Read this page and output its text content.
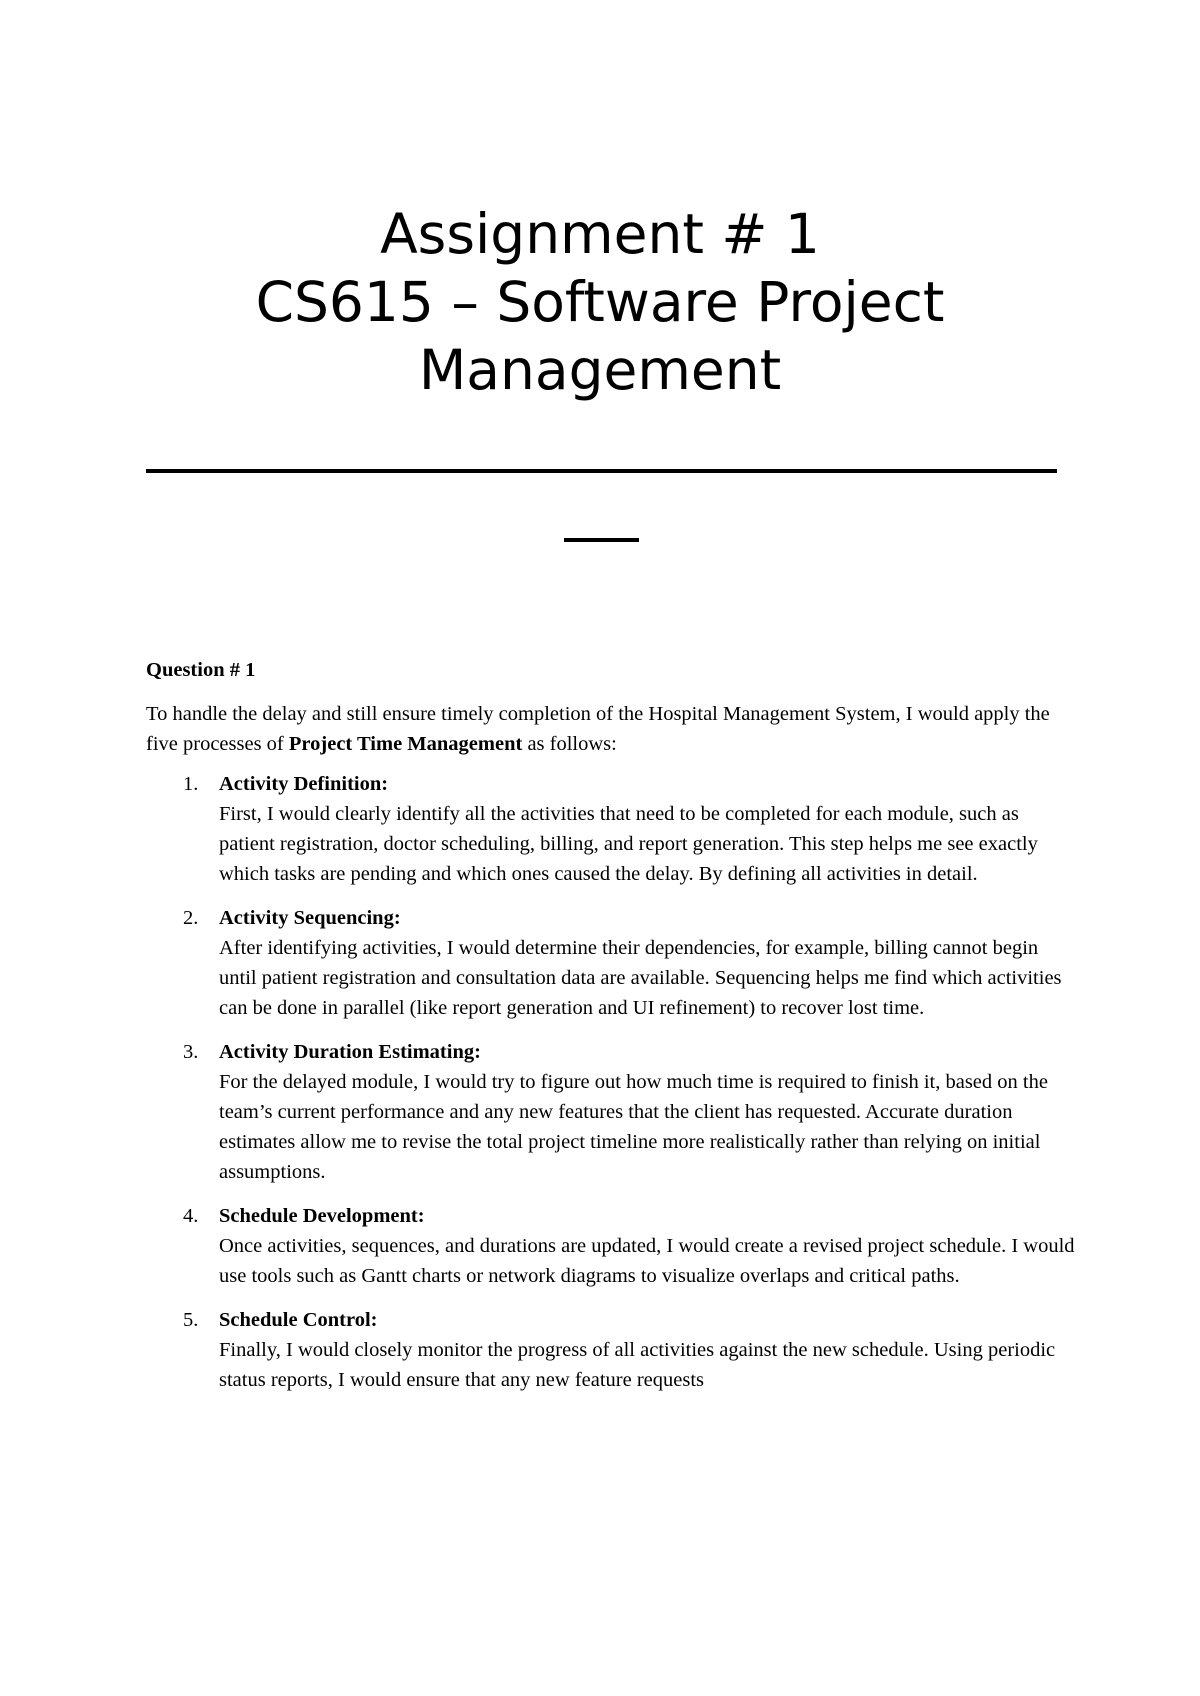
Assignment # 1
CS615 – Software Project
Management
Question # 1

To handle the delay and still ensure timely completion of the Hospital Management System, I would apply the five processes of Project Time Management as follows:

1. Activity Definition:
First, I would clearly identify all the activities that need to be completed for each module, such as patient registration, doctor scheduling, billing, and report generation. This step helps me see exactly which tasks are pending and which ones caused the delay. By defining all activities in detail.
2. Activity Sequencing:
After identifying activities, I would determine their dependencies, for example, billing cannot begin until patient registration and consultation data are available. Sequencing helps me find which activities can be done in parallel (like report generation and UI refinement) to recover lost time.
3. Activity Duration Estimating:
For the delayed module, I would try to figure out how much time is required to finish it, based on the team’s current performance and any new features that the client has requested. Accurate duration estimates allow me to revise the total project timeline more realistically rather than relying on initial assumptions.
4. Schedule Development:
Once activities, sequences, and durations are updated, I would create a revised project schedule. I would use tools such as Gantt charts or network diagrams to visualize overlaps and critical paths.
5. Schedule Control:
Finally, I would closely monitor the progress of all activities against the new schedule. Using periodic status reports, I would ensure that any new feature requests
